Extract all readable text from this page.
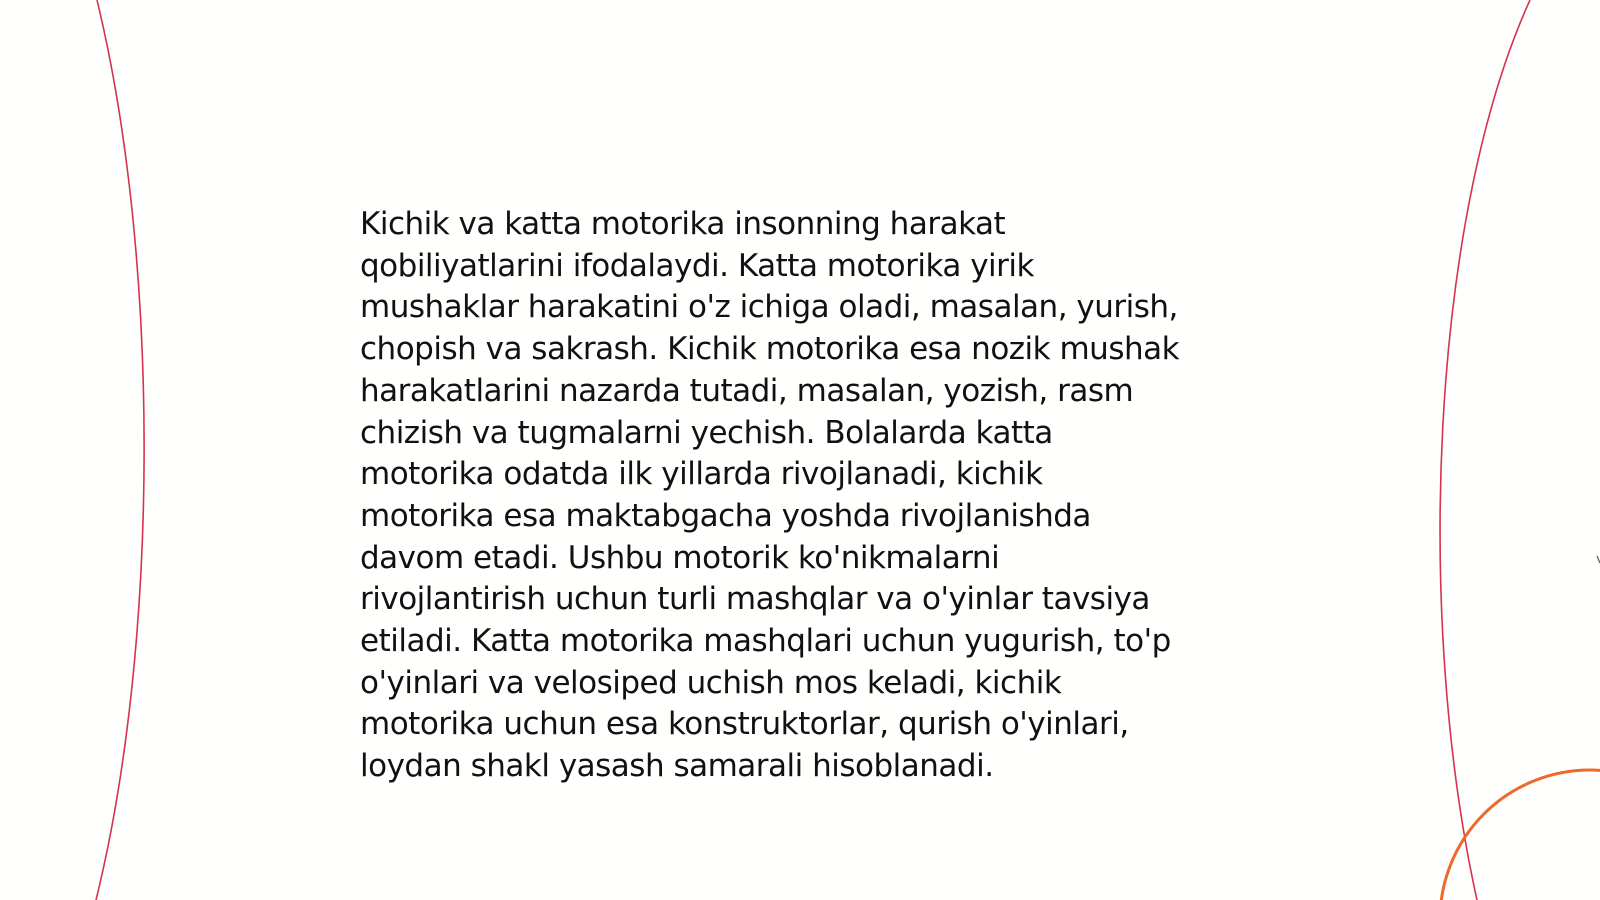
Kichik va katta motorika insonning harakat
qobiliyatlarini ifodalaydi. Katta motorika yirik
mushaklar harakatini o'z ichiga oladi, masalan, yurish,
chopish va sakrash. Kichik motorika esa nozik mushak
harakatlarini nazarda tutadi, masalan, yozish, rasm
chizish va tugmalarni yechish. Bolalarda katta
motorika odatda ilk yillarda rivojlanadi, kichik
motorika esa maktabgacha yoshda rivojlanishda
davom etadi. Ushbu motorik ko'nikmalarni
rivojlantirish uchun turli mashqlar va o'yinlar tavsiya
etiladi. Katta motorika mashqlari uchun yugurish, to'p
o'yinlari va velosiped uchish mos keladi, kichik
motorika uchun esa konstruktorlar, qurish o'yinlari,
loydan shakl yasash samarali hisoblanadi.
